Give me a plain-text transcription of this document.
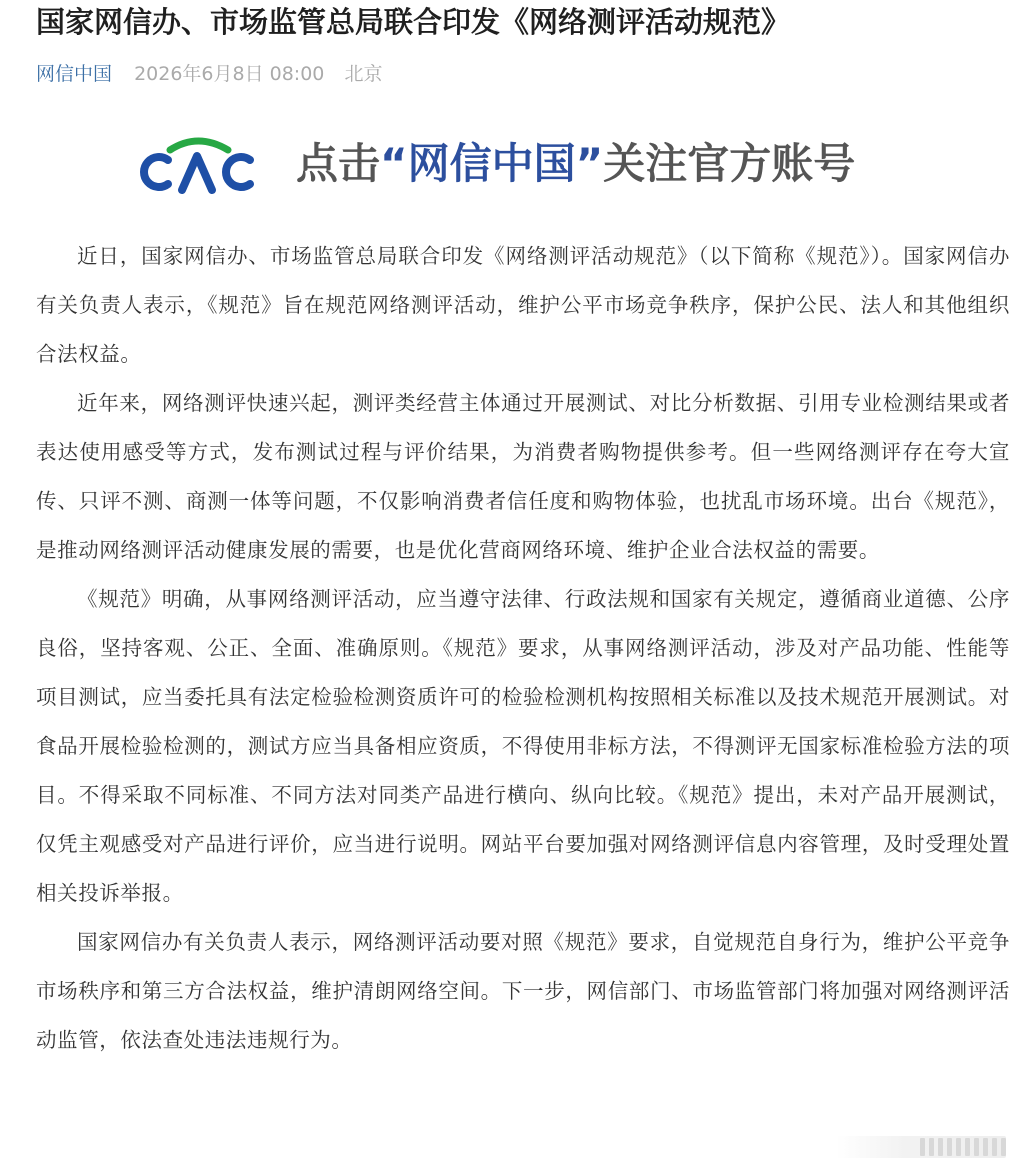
国家网信办、市场监管总局联合印发《网络测评活动规范》
网信中国 2026年6月8日 08:00 北京
CAC
点击“网信中国”关注官方账号

近日，国家网信办、市场监管总局联合印发《网络测评活动规范》（以下简称《规范》）。国家网信办有关负责人表示，《规范》旨在规范网络测评活动，维护公平市场竞争秩序，保护公民、法人和其他组织合法权益。

近年来，网络测评快速兴起，测评类经营主体通过开展测试、对比分析数据、引用专业检测结果或者表达使用感受等方式，发布测试过程与评价结果，为消费者购物提供参考。但一些网络测评存在夸大宣传、只评不测、商测一体等问题，不仅影响消费者信任度和购物体验，也扰乱市场环境。出台《规范》，是推动网络测评活动健康发展的需要，也是优化营商网络环境、维护企业合法权益的需要。

《规范》明确，从事网络测评活动，应当遵守法律、行政法规和国家有关规定，遵循商业道德、公序良俗，坚持客观、公正、全面、准确原则。《规范》要求，从事网络测评活动，涉及对产品功能、性能等项目测试，应当委托具有法定检验检测资质许可的检验检测机构按照相关标准以及技术规范开展测试。对食品开展检验检测的，测试方应当具备相应资质，不得使用非标方法，不得测评无国家标准检验方法的项目。不得采取不同标准、不同方法对同类产品进行横向、纵向比较。《规范》提出，未对产品开展测试，仅凭主观感受对产品进行评价，应当进行说明。网站平台要加强对网络测评信息内容管理，及时受理处置相关投诉举报。

国家网信办有关负责人表示，网络测评活动要对照《规范》要求，自觉规范自身行为，维护公平竞争市场秩序和第三方合法权益，维护清朗网络空间。下一步，网信部门、市场监管部门将加强对网络测评活动监管，依法查处违法违规行为。
